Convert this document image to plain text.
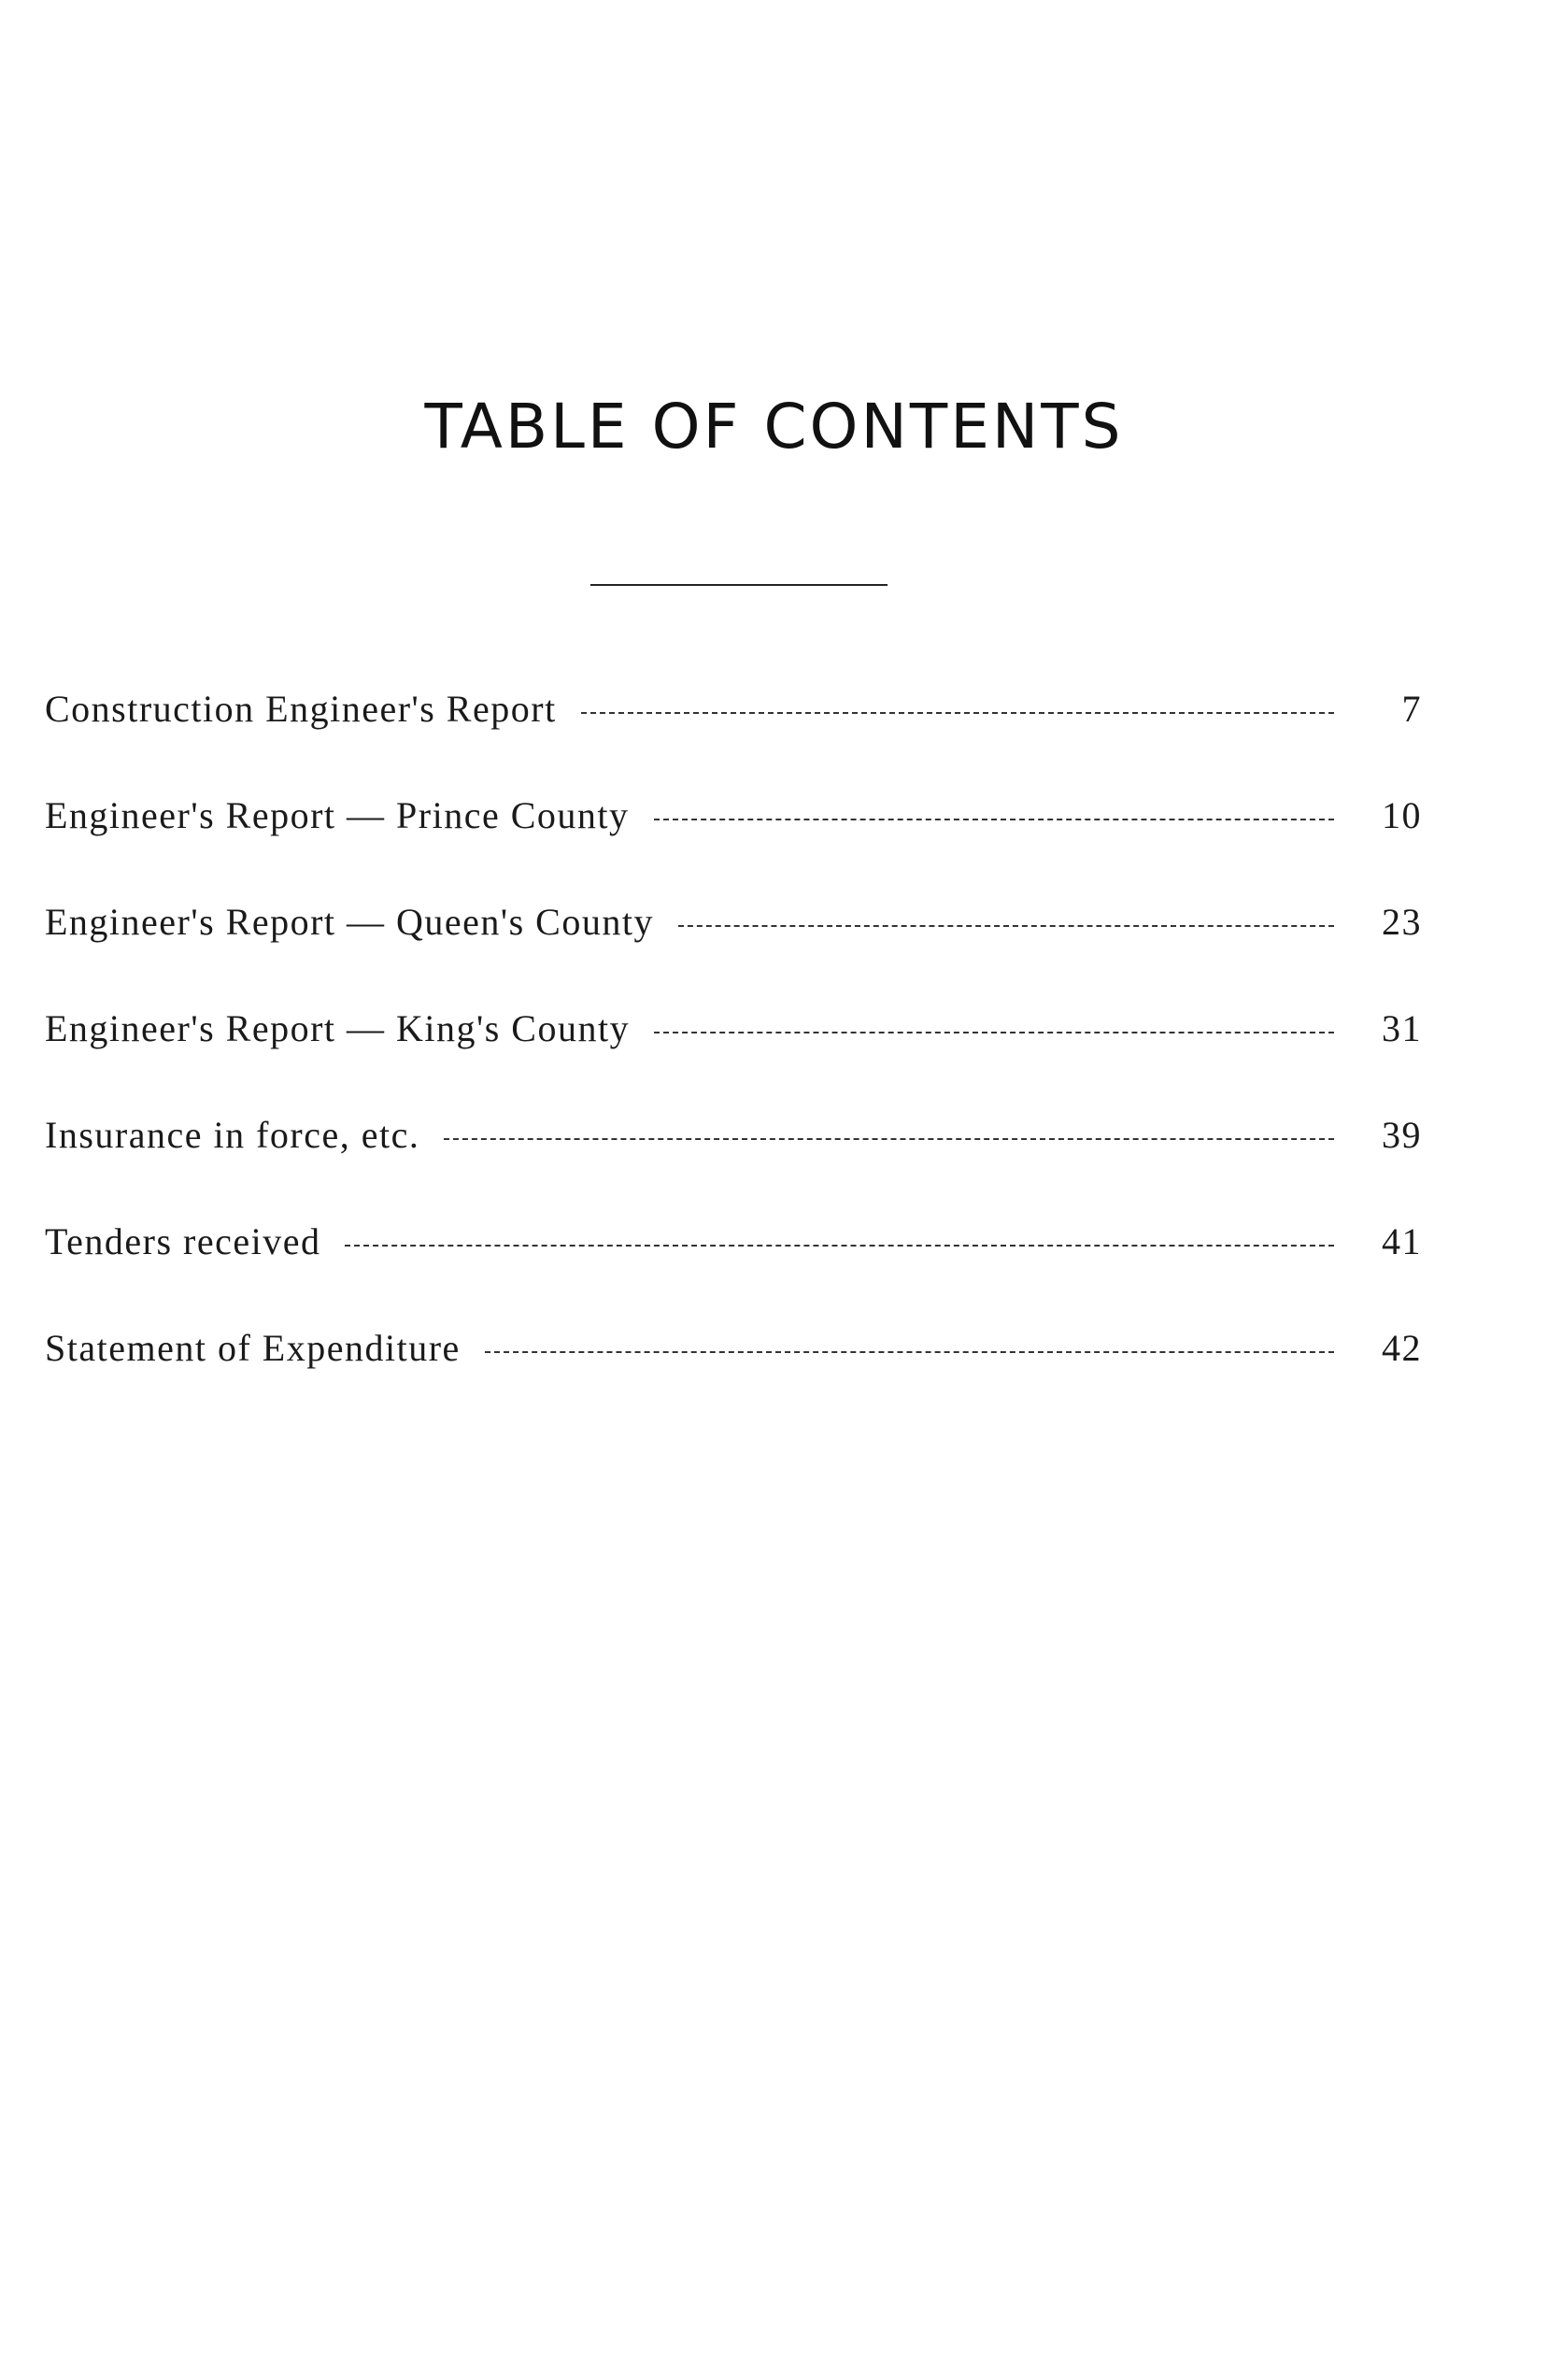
TABLE OF CONTENTS
Construction Engineer's Report	7
Engineer's Report — Prince County	10
Engineer's Report — Queen's County	23
Engineer's Report — King's County	31
Insurance in force, etc.	39
Tenders received	41
Statement of Expenditure	42
